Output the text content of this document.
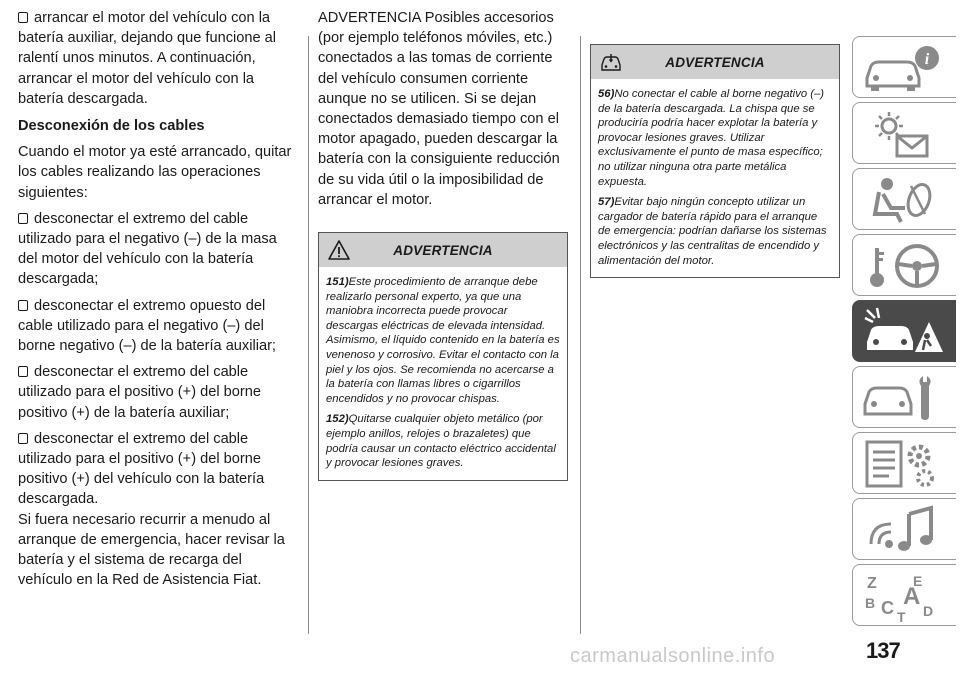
arrancar el motor del vehículo con la batería auxiliar, dejando que funcione al ralentí unos minutos. A continuación, arrancar el motor del vehículo con la batería descargada.

Desconexión de los cables

Cuando el motor ya esté arrancado, quitar los cables realizando las operaciones siguientes:

desconectar el extremo del cable utilizado para el negativo (–) de la masa del motor del vehículo con la batería descargada;

desconectar el extremo opuesto del cable utilizado para el negativo (–) del borne negativo (–) de la batería auxiliar;

desconectar el extremo del cable utilizado para el positivo (+) del borne positivo (+) de la batería auxiliar;

desconectar el extremo del cable utilizado para el positivo (+) del borne positivo (+) del vehículo con la batería descargada.

Si fuera necesario recurrir a menudo al arranque de emergencia, hacer revisar la batería y el sistema de recarga del vehículo en la Red de Asistencia Fiat.

ADVERTENCIA Posibles accesorios (por ejemplo teléfonos móviles, etc.) conectados a las tomas de corriente del vehículo consumen corriente aunque no se utilicen. Si se dejan conectados demasiado tiempo con el motor apagado, pueden descargar la batería con la consiguiente reducción de su vida útil o la imposibilidad de arrancar el motor.

ADVERTENCIA

151)Este procedimiento de arranque debe realizarlo personal experto, ya que una maniobra incorrecta puede provocar descargas eléctricas de elevada intensidad. Asimismo, el líquido contenido en la batería es venenoso y corrosivo. Evitar el contacto con la piel y los ojos. Se recomienda no acercarse a la batería con llamas libres o cigarrillos encendidos y no provocar chispas.

152)Quitarse cualquier objeto metálico (por ejemplo anillos, relojes o brazaletes) que podría causar un contacto eléctrico accidental y provocar lesiones graves.

ADVERTENCIA

56)No conectar el cable al borne negativo (–) de la batería descargada. La chispa que se produciría podría hacer explotar la batería y provocar lesiones graves. Utilizar exclusivamente el punto de masa específico; no utilizar ninguna otra parte metálica expuesta.

57)Evitar bajo ningún concepto utilizar un cargador de batería rápido para el arranque de emergencia: podrían dañarse los sistemas electrónicos y las centralitas de encendido y alimentación del motor.

i
Z	E
B A
C T D
carmanualsonline.info	137
